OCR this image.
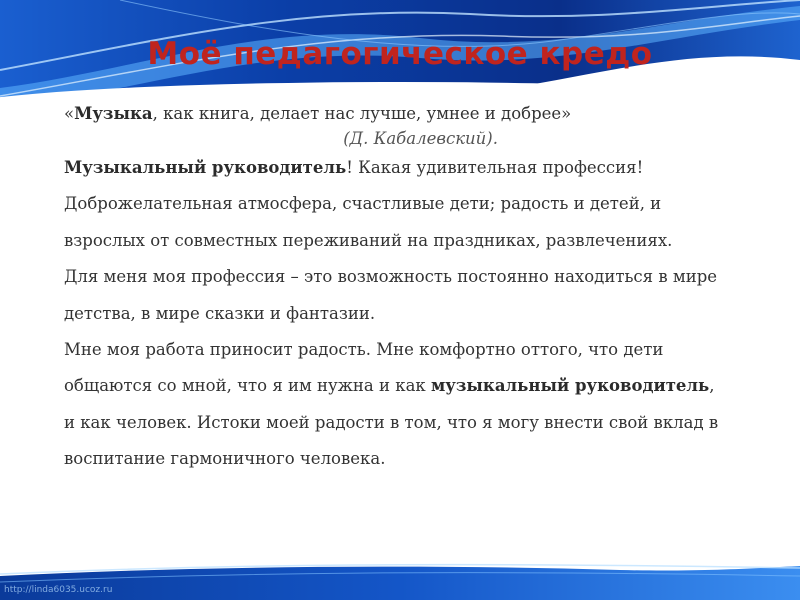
Моё педагогическое кредо

«Музыка, как книга, делает нас лучше, умнее и добрее»

(Д. Кабалевский).

Музыкальный руководитель! Какая удивительная профессия! Доброжелательная атмосфера, счастливые дети; радость и детей, и взрослых от совместных переживаний на праздниках, развлечениях.

Для меня моя профессия – это возможность постоянно находиться в мире детства, в мире сказки и фантазии.

Мне моя работа приносит радость. Мне комфортно оттого, что дети общаются со мной, что я им нужна и как музыкальный руководитель, и как человек. Истоки моей радости в том, что я могу внести свой вклад в воспитание гармоничного человека.

http://linda6035.ucoz.ru
